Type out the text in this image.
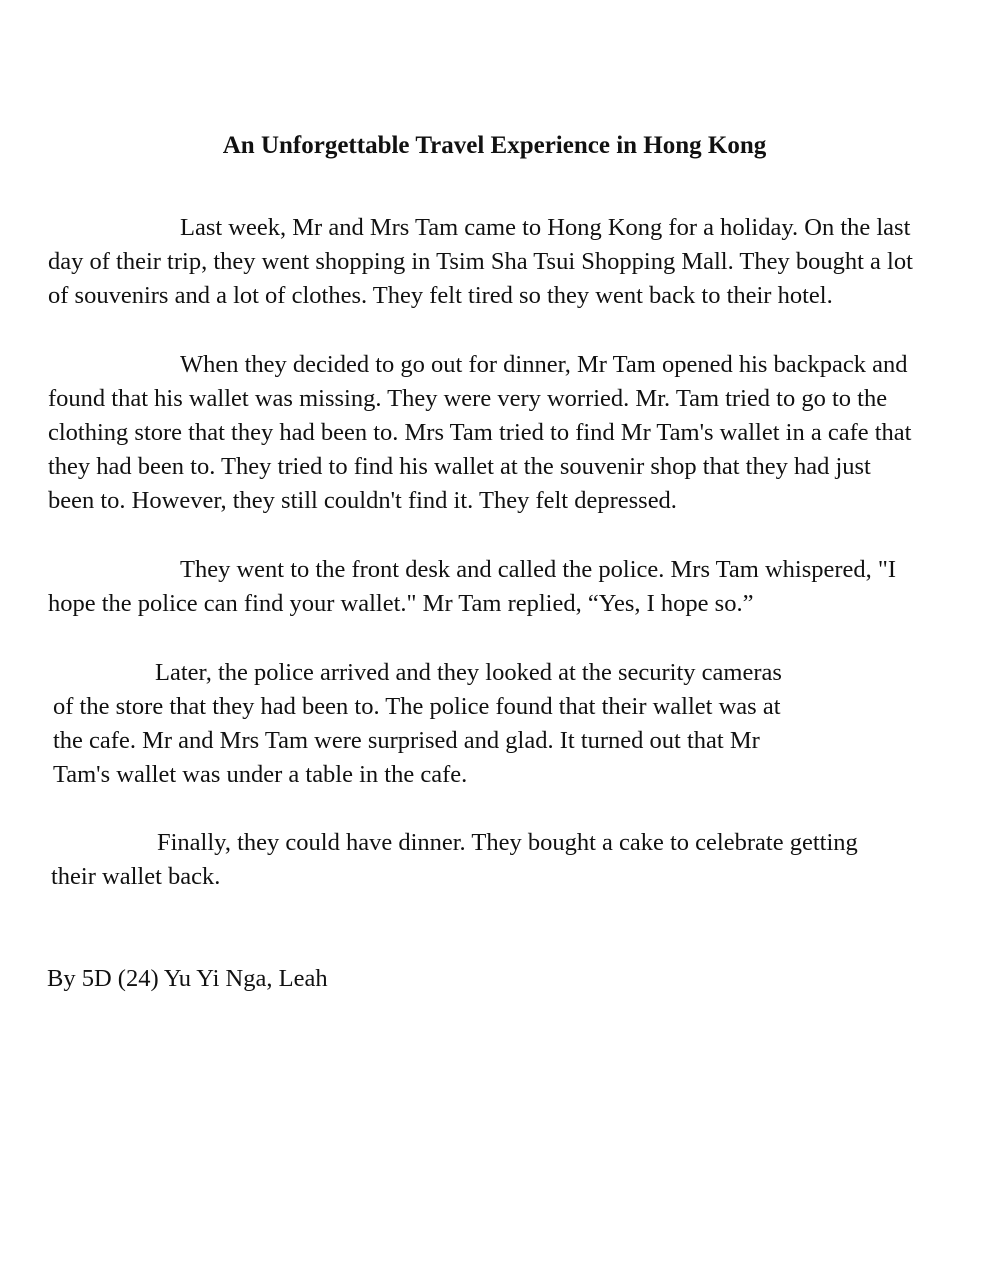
An Unforgettable Travel Experience in Hong Kong

Last week, Mr and Mrs Tam came to Hong Kong for a holiday. On the last
day of their trip, they went shopping in Tsim Sha Tsui Shopping Mall. They bought a lot
of souvenirs and a lot of clothes. They felt tired so they went back to their hotel.

When they decided to go out for dinner, Mr Tam opened his backpack and
found that his wallet was missing. They were very worried. Mr. Tam tried to go to the
clothing store that they had been to. Mrs Tam tried to find Mr Tam's wallet in a cafe that
they had been to. They tried to find his wallet at the souvenir shop that they had just
been to. However, they still couldn't find it. They felt depressed.

They went to the front desk and called the police. Mrs Tam whispered, "I
hope the police can find your wallet." Mr Tam replied, “Yes, I hope so.”

Later, the police arrived and they looked at the security cameras
of the store that they had been to. The police found that their wallet was at
the cafe. Mr and Mrs Tam were surprised and glad. It turned out that Mr
Tam's wallet was under a table in the cafe.

Finally, they could have dinner. They bought a cake to celebrate getting
their wallet back.

By 5D (24) Yu Yi Nga, Leah
